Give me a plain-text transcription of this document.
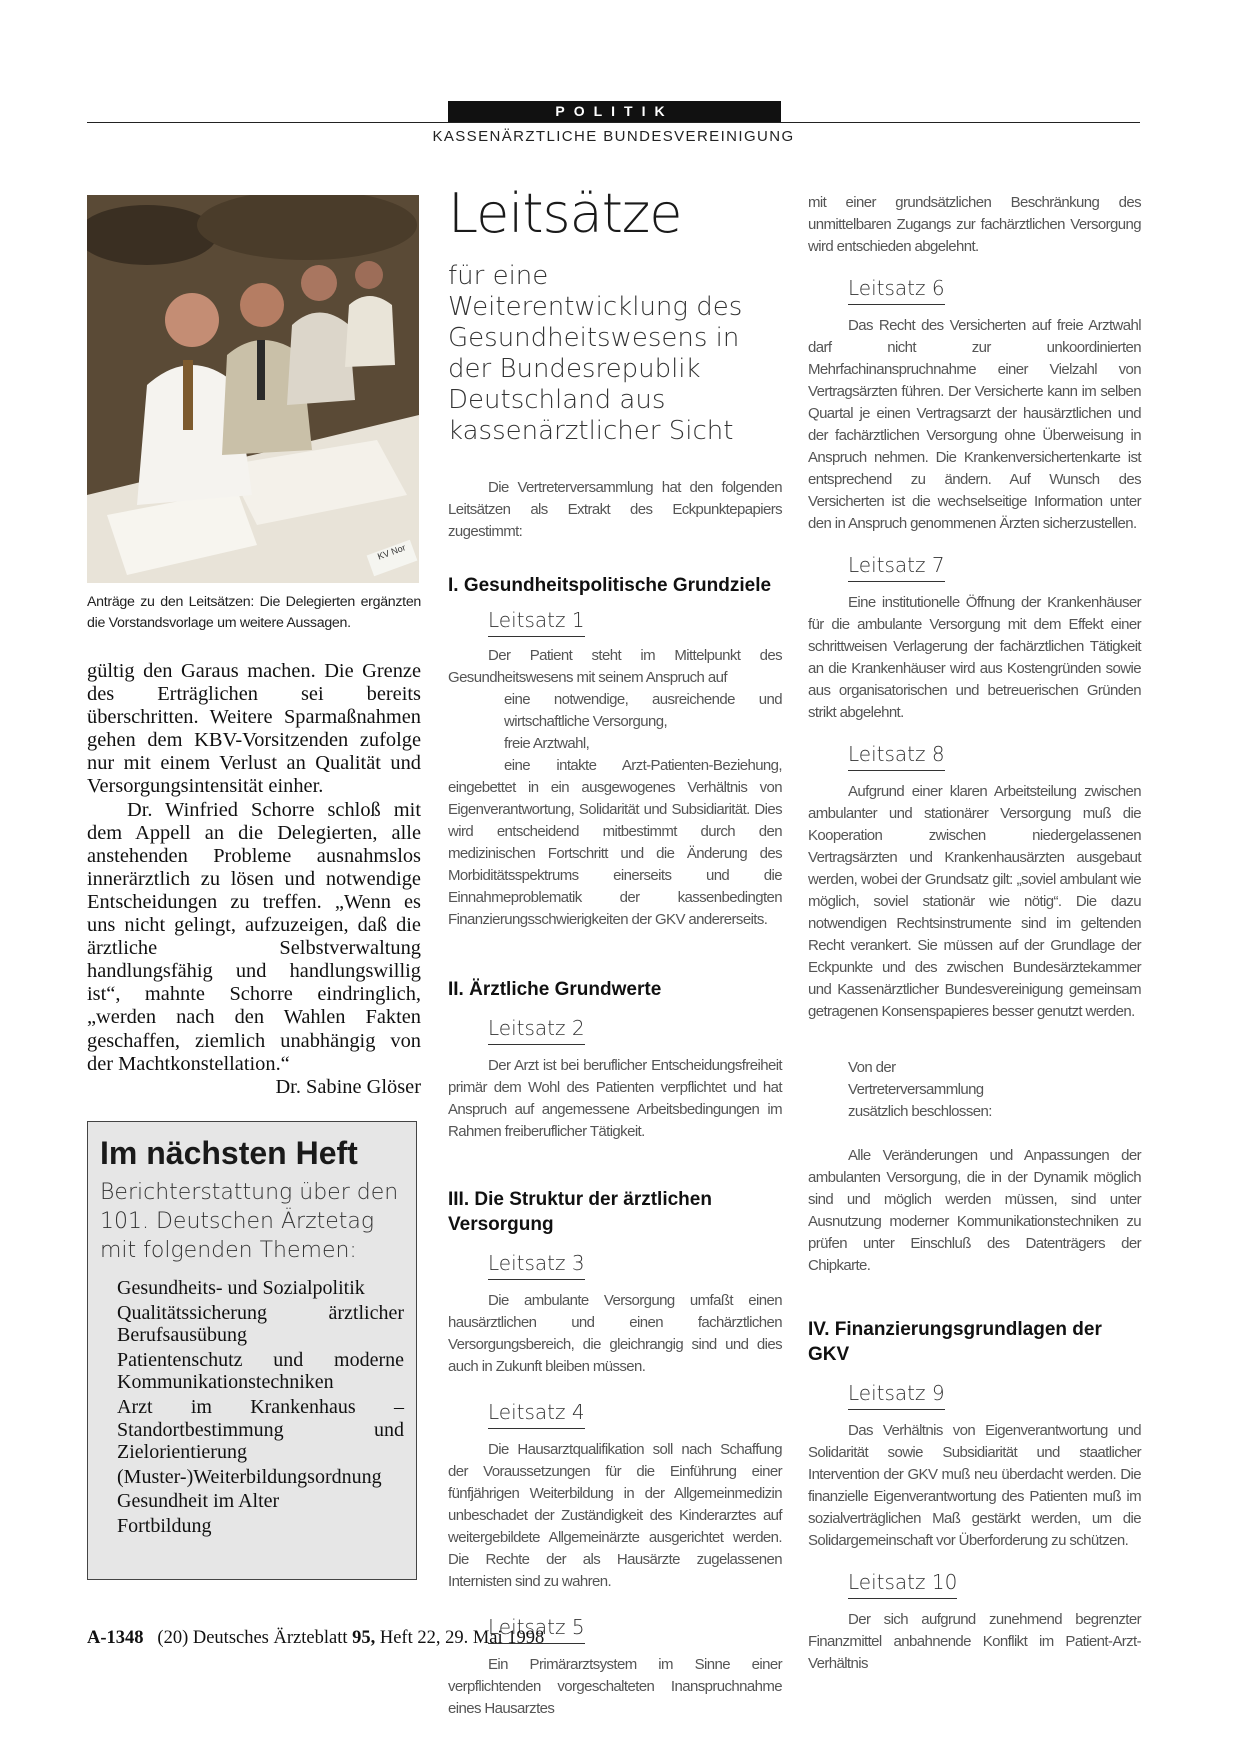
POLITIK
KASSENÄRZTLICHE BUNDESVEREINIGUNG
KV Nor
Anträge zu den Leitsätzen: Die Delegierten ergänzten die Vorstandsvorlage um weitere Aussagen.

gültig den Garaus machen. Die Grenze des Erträglichen sei bereits überschritten. Weitere Sparmaßnahmen gehen dem KBV-Vorsitzenden zufolge nur mit einem Verlust an Qualität und Versorgungsintensität einher.

Dr. Winfried Schorre schloß mit dem Appell an die Delegierten, alle anstehenden Probleme ausnahmslos innerärztlich zu lösen und notwendige Entscheidungen zu treffen. „Wenn es uns nicht gelingt, aufzuzeigen, daß die ärztliche Selbstverwaltung handlungsfähig und handlungswillig ist“, mahnte Schorre eindringlich, „werden nach den Wahlen Fakten geschaffen, ziemlich unabhängig von der Machtkonstellation.“
Dr. Sabine Glöser

Im nächsten Heft
Berichterstattung über den 101. Deutschen Ärztetag mit folgenden Themen:
Gesundheits- und Sozialpolitik
Qualitätssicherung ärztlicher Berufsausübung
Patientenschutz und moderne Kommunikationstechniken
Arzt im Krankenhaus – Standortbestimmung und Zielorientierung
(Muster-)Weiterbildungsordnung
Gesundheit im Alter
Fortbildung
Leitsätze
für eine Weiterentwicklung des Gesundheitswesens in der Bundesrepublik Deutschland aus kassenärztlicher Sicht

Die Vertreterversammlung hat den folgenden Leitsätzen als Extrakt des Eckpunktepapiers zugestimmt:

I. Gesundheitspolitische Grundziele
Leitsatz 1

Der Patient steht im Mittelpunkt des Gesundheitswesens mit seinem Anspruch auf

eine notwendige, ausreichende und wirtschaftliche Versorgung,

freie Arztwahl,

eine intakte Arzt-Patienten-Beziehung, eingebettet in ein ausgewogenes Verhältnis von Eigenverantwortung, Solidarität und Subsidiarität. Dies wird entscheidend mitbestimmt durch den medizinischen Fortschritt und die Änderung des Morbiditätsspektrums einerseits und die Einnahmeproblematik der kassenbedingten Finanzierungsschwierigkeiten der GKV andererseits.

II. Ärztliche Grundwerte
Leitsatz 2

Der Arzt ist bei beruflicher Entscheidungsfreiheit primär dem Wohl des Patienten verpflichtet und hat Anspruch auf angemessene Arbeitsbedingungen im Rahmen freiberuflicher Tätigkeit.

III. Die Struktur der ärztlichen Versorgung
Leitsatz 3

Die ambulante Versorgung umfaßt einen hausärztlichen und einen fachärztlichen Versorgungsbereich, die gleichrangig sind und dies auch in Zukunft bleiben müssen.

Leitsatz 4

Die Hausarztqualifikation soll nach Schaffung der Voraussetzungen für die Einführung einer fünfjährigen Weiterbildung in der Allgemeinmedizin unbeschadet der Zuständigkeit des Kinderarztes auf weitergebildete Allgemeinärzte ausgerichtet werden. Die Rechte der als Hausärzte zugelassenen Internisten sind zu wahren.

Leitsatz 5

Ein Primärarztsystem im Sinne einer verpflichtenden vorgeschalteten Inanspruchnahme eines Hausarztes

mit einer grundsätzlichen Beschränkung des unmittelbaren Zugangs zur fachärztlichen Versorgung wird entschieden abgelehnt.

Leitsatz 6

Das Recht des Versicherten auf freie Arztwahl darf nicht zur unkoordinierten Mehrfachinanspruchnahme einer Vielzahl von Vertragsärzten führen. Der Versicherte kann im selben Quartal je einen Vertragsarzt der hausärztlichen und der fachärztlichen Versorgung ohne Überweisung in Anspruch nehmen. Die Krankenversichertenkarte ist entsprechend zu ändern. Auf Wunsch des Versicherten ist die wechselseitige Information unter den in Anspruch genommenen Ärzten sicherzustellen.

Leitsatz 7

Eine institutionelle Öffnung der Krankenhäuser für die ambulante Versorgung mit dem Effekt einer schrittweisen Verlagerung der fachärztlichen Tätigkeit an die Krankenhäuser wird aus Kostengründen sowie aus organisatorischen und betreuerischen Gründen strikt abgelehnt.

Leitsatz 8

Aufgrund einer klaren Arbeitsteilung zwischen ambulanter und stationärer Versorgung muß die Kooperation zwischen niedergelassenen Vertragsärzten und Krankenhausärzten ausgebaut werden, wobei der Grundsatz gilt: „soviel ambulant wie möglich, soviel stationär wie nötig“. Die dazu notwendigen Rechtsinstrumente sind im geltenden Recht verankert. Sie müssen auf der Grundlage der Eckpunkte und des zwischen Bundesärztekammer und Kassenärztlicher Bundesvereinigung gemeinsam getragenen Konsenspapieres besser genutzt werden.

Von der Vertreterversammlung zusätzlich beschlossen:

Alle Veränderungen und Anpassungen der ambulanten Versorgung, die in der Dynamik möglich sind und möglich werden müssen, sind unter Ausnutzung moderner Kommunikationstechniken zu prüfen unter Einschluß des Datenträgers der Chipkarte.

IV. Finanzierungsgrundlagen der GKV
Leitsatz 9

Das Verhältnis von Eigenverantwortung und Solidarität sowie Subsidiarität und staatlicher Intervention der GKV muß neu überdacht werden. Die finanzielle Eigenverantwortung des Patienten muß im sozialverträglichen Maß gestärkt werden, um die Solidargemeinschaft vor Überforderung zu schützen.

Leitsatz 10

Der sich aufgrund zunehmend begrenzter Finanzmittel anbahnende Konflikt im Patient-Arzt-Verhältnis

A-1348 (20) Deutsches Ärzteblatt 95, Heft 22, 29. Mai 1998
